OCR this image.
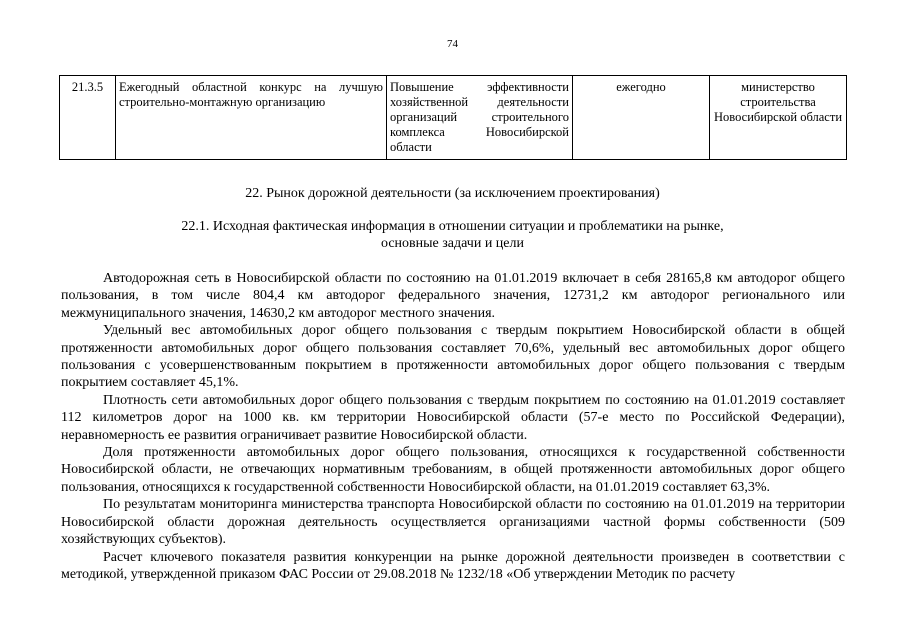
74
21.3.5	Ежегодный областной конкурс на лучшую строительно-монтажную организацию	Повышение эффективности хозяйственной деятельности организаций строительного комплекса Новосибирской области	ежегодно	министерство строительства Новосибирской области
22. Рынок дорожной деятельности (за исключением проектирования)
22.1. Исходная фактическая информация в отношении ситуации и проблематики на рынке,
основные задачи и цели

Автодорожная сеть в Новосибирской области по состоянию на 01.01.2019 включает в себя 28165,8 км автодорог общего пользования, в том числе 804,4 км автодорог федерального значения, 12731,2 км автодорог регионального или межмуниципального значения, 14630,2 км автодорог местного значения.

Удельный вес автомобильных дорог общего пользования с твердым покрытием Новосибирской области в общей протяженности автомобильных дорог общего пользования составляет 70,6%, удельный вес автомобильных дорог общего пользования с усовершенствованным покрытием в протяженности автомобильных дорог общего пользования с твердым покрытием составляет 45,1%.

Плотность сети автомобильных дорог общего пользования с твердым покрытием по состоянию на 01.01.2019 составляет 112 километров дорог на 1000 кв. км территории Новосибирской области (57-е место по Российской Федерации), неравномерность ее развития ограничивает развитие Новосибирской области.

Доля протяженности автомобильных дорог общего пользования, относящихся к государственной собственности Новосибирской области, не отвечающих нормативным требованиям, в общей протяженности автомобильных дорог общего пользования, относящихся к государственной собственности Новосибирской области, на 01.01.2019 составляет 63,3%.

По результатам мониторинга министерства транспорта Новосибирской области по состоянию на 01.01.2019 на территории Новосибирской области дорожная деятельность осуществляется организациями частной формы собственности (509 хозяйствующих субъектов).

Расчет ключевого показателя развития конкуренции на рынке дорожной деятельности произведен в соответствии с методикой, утвержденной приказом ФАС России от 29.08.2018 № 1232/18 «Об утверждении Методик по расчету
